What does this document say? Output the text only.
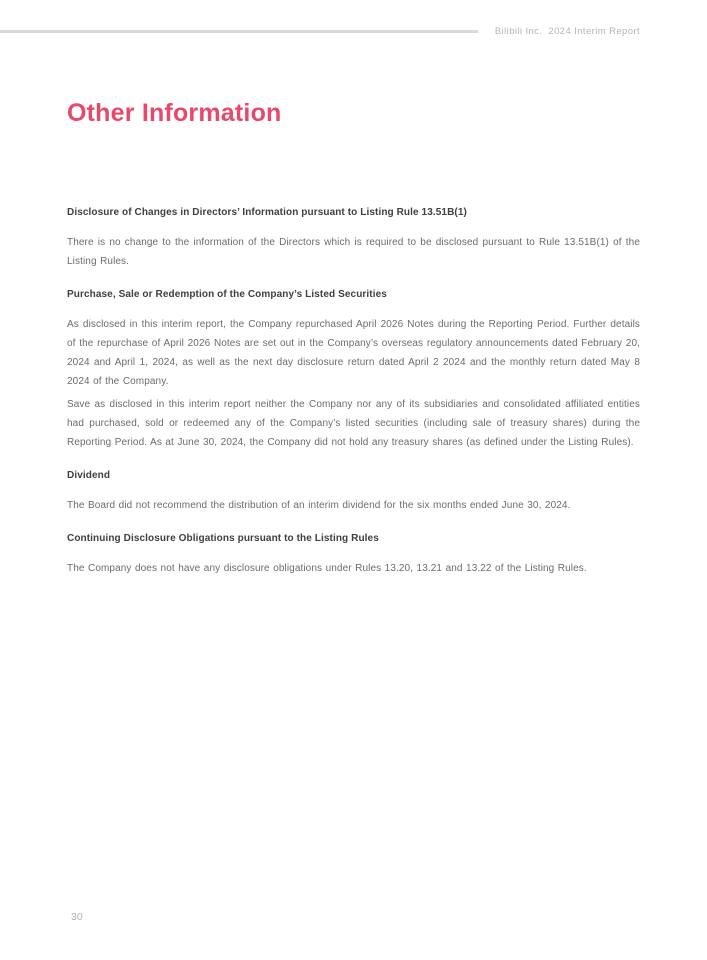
Bilibili Inc.  2024 Interim Report
Other Information
Disclosure of Changes in Directors’ Information pursuant to Listing Rule 13.51B(1)

There is no change to the information of the Directors which is required to be disclosed pursuant to Rule 13.51B(1) of the Listing Rules.

Purchase, Sale or Redemption of the Company’s Listed Securities

As disclosed in this interim report, the Company repurchased April 2026 Notes during the Reporting Period. Further details of the repurchase of April 2026 Notes are set out in the Company’s overseas regulatory announcements dated February 20, 2024 and April 1, 2024, as well as the next day disclosure return dated April 2 2024 and the monthly return dated May 8 2024 of the Company.

Save as disclosed in this interim report neither the Company nor any of its subsidiaries and consolidated affiliated entities had purchased, sold or redeemed any of the Company’s listed securities (including sale of treasury shares) during the Reporting Period. As at June 30, 2024, the Company did not hold any treasury shares (as defined under the Listing Rules).

Dividend

The Board did not recommend the distribution of an interim dividend for the six months ended June 30, 2024.

Continuing Disclosure Obligations pursuant to the Listing Rules

The Company does not have any disclosure obligations under Rules 13.20, 13.21 and 13.22 of the Listing Rules.

30
